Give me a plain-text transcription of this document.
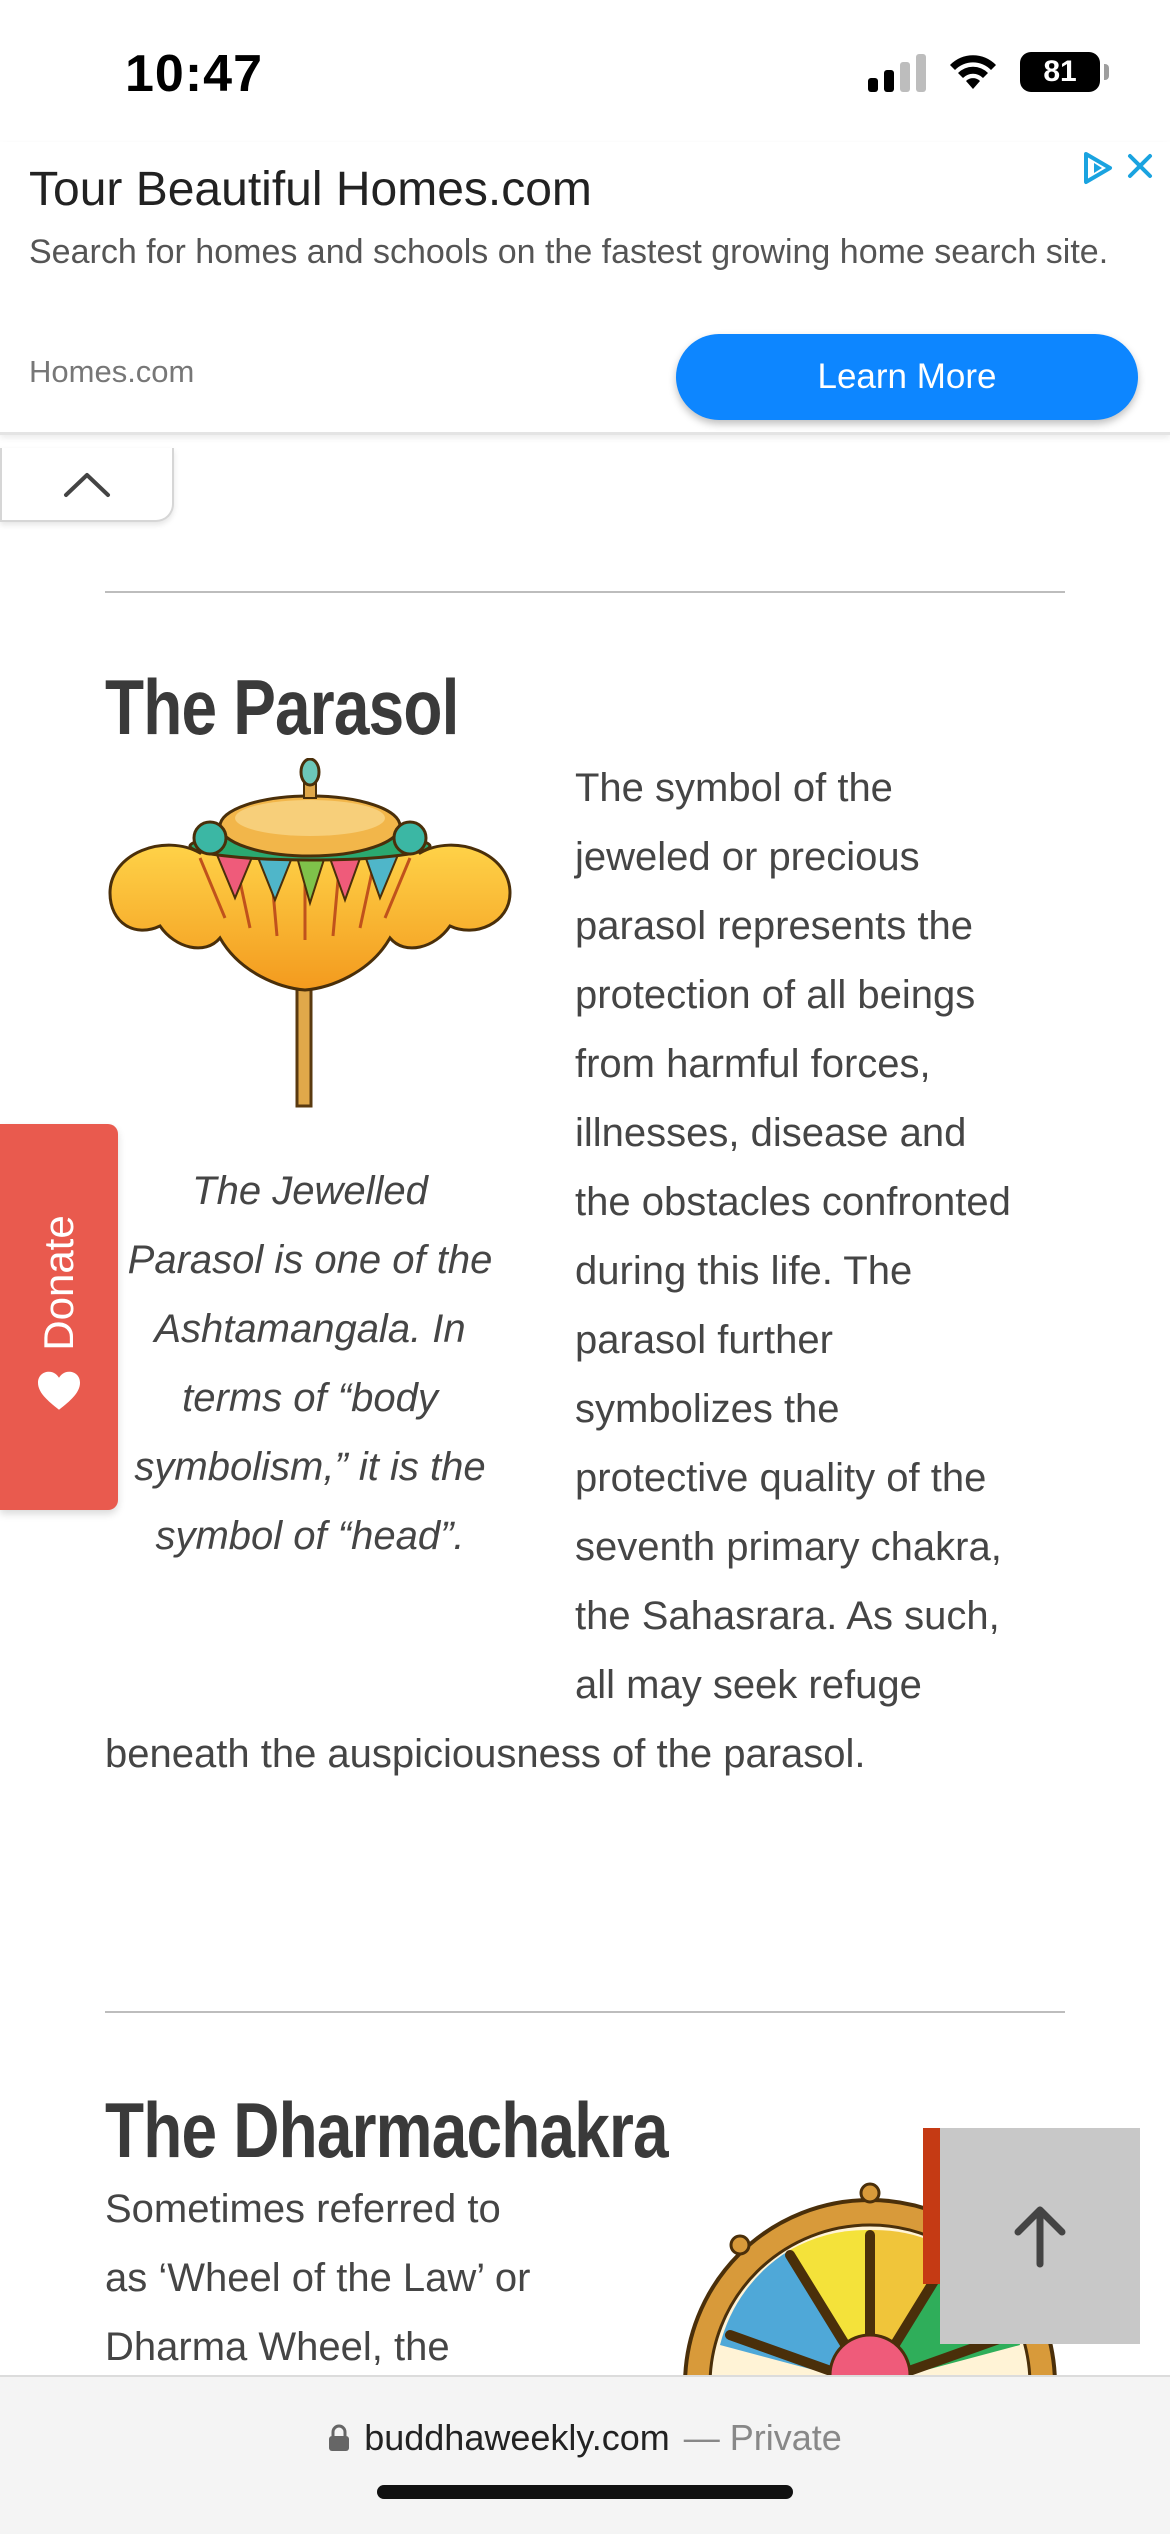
10:47	81
Tour Beautiful Homes.com
Search for homes and schools on the fastest growing home search site.
Homes.com	Learn More
The Parasol
The Jewelled
Parasol is one of the
Ashtamangala. In
terms of “body
symbolism,” it is the
symbol of “head”.
The symbol of the
jeweled or precious
parasol represents the
protection of all beings
from harmful forces,
illnesses, disease and
the obstacles confronted
during this life. The
parasol further
symbolizes the
protective quality of the
seventh primary chakra,
the Sahasrara. As such,
all may seek refuge
beneath the auspiciousness of the parasol.
The Dharmachakra
Sometimes referred to
as ‘Wheel of the Law’ or
Dharma Wheel, the
Donate
buddhaweekly.com — Private
